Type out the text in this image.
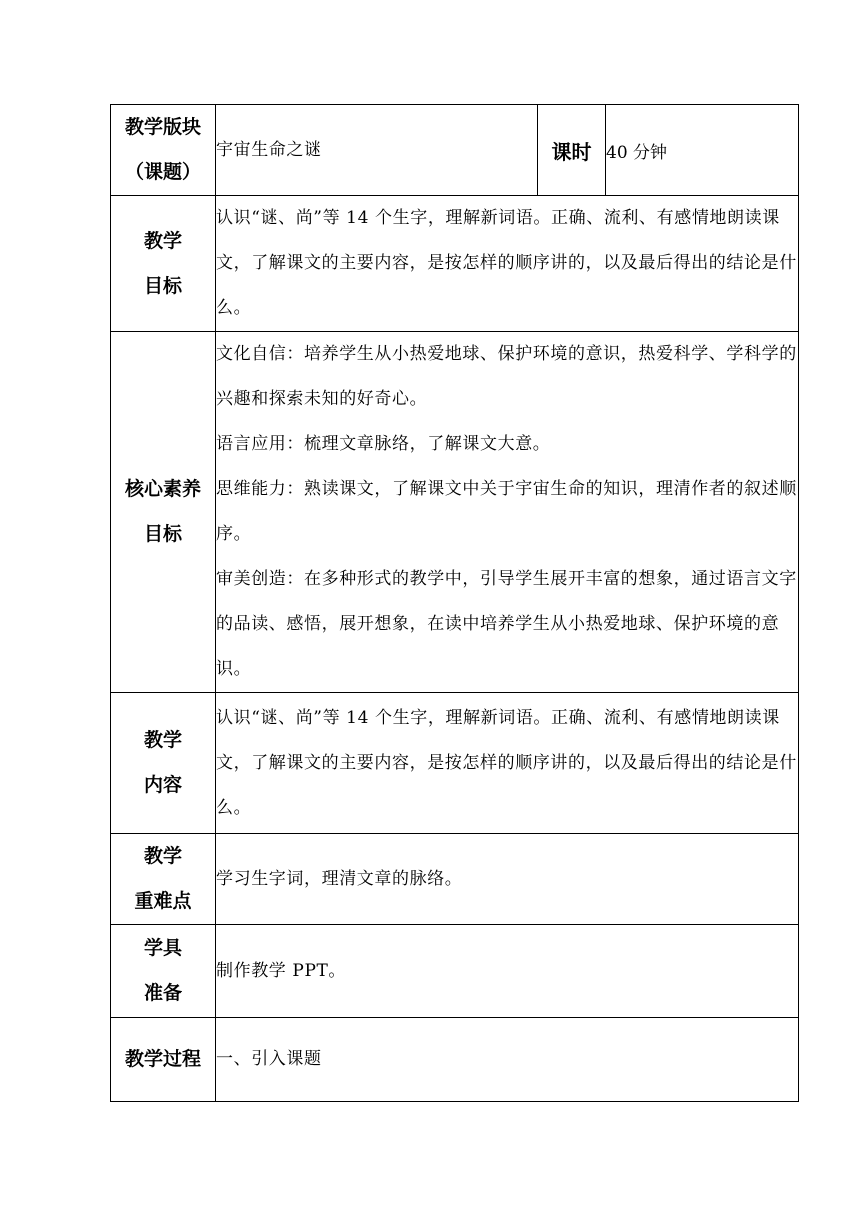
教学版块
（课题）	宇宙生命之谜	课时	40 分钟

教学
目标	认识“谜、尚”等 14 个生字，理解新词语。正确、流利、有感情地朗读课文，了解课文的主要内容，是按怎样的顺序讲的，以及最后得出的结论是什么。		

核心素养
目标	文化自信：培养学生从小热爱地球、保护环境的意识，热爱科学、学科学的兴趣和探索未知的好奇心。
语言应用：梳理文章脉络，了解课文大意。
思维能力：熟读课文，了解课文中关于宇宙生命的知识，理清作者的叙述顺序。
审美创造：在多种形式的教学中，引导学生展开丰富的想象，通过语言文字的品读、感悟，展开想象，在读中培养学生从小热爱地球、保护环境的意识。		

教学
内容	认识“谜、尚”等 14 个生字，理解新词语。正确、流利、有感情地朗读课文，了解课文的主要内容，是按怎样的顺序讲的，以及最后得出的结论是什么。		

教学
重难点	学习生字词，理清文章的脉络。		

学具
准备	制作教学 PPT。		
教学过程	一、引入课题		
